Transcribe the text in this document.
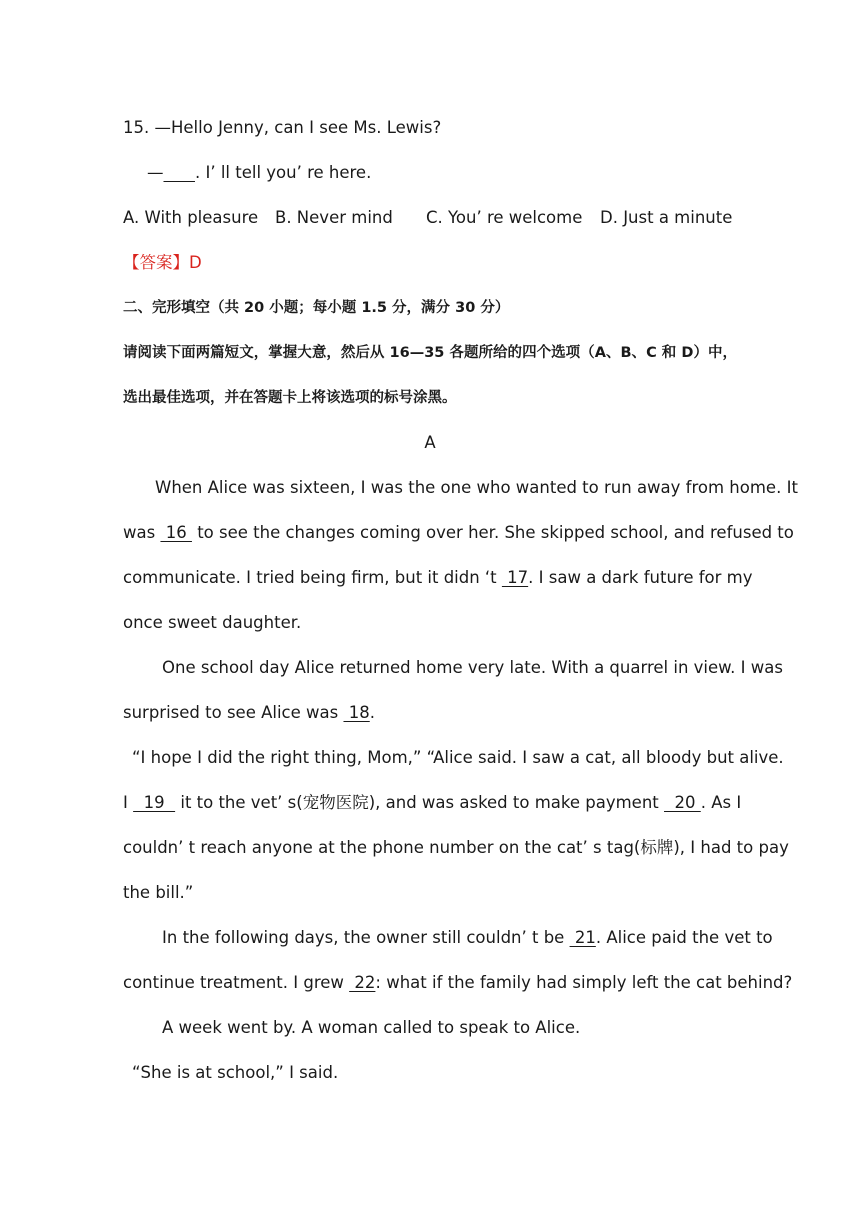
15. —Hello Jenny, can I see Ms. Lewis?
— . I’ ll tell you’ re here.
A. With pleasure B. Never mind C. You’ re welcome D. Just a minute
【答案】D
二、完形填空（共 20 小题；每小题 1.5 分，满分 30 分）
请阅读下面两篇短文，掌握大意，然后从 16—35 各题所给的四个选项（A、B、C 和 D）中，
选出最佳选项，并在答题卡上将该选项的标号涂黑。
A
When Alice was sixteen, I was the one who wanted to run away from home. It
was  16  to see the changes coming over her. She skipped school, and refused to
communicate. I tried being firm, but it didn ‘t  17. I saw a dark future for my
once sweet daughter.
One school day Alice returned home very late. With a quarrel in view. I was
surprised to see Alice was  18.
“I hope I did the right thing, Mom,” “Alice said. I saw a cat, all bloody but alive.
I   19   it to the vet’ s(宠物医院), and was asked to make payment   20 . As I
couldn’ t reach anyone at the phone number on the cat’ s tag(标牌), I had to pay
the bill.”
In the following days, the owner still couldn’ t be  21. Alice paid the vet to
continue treatment. I grew  22: what if the family had simply left the cat behind?
A week went by. A woman called to speak to Alice.
“She is at school,” I said.
